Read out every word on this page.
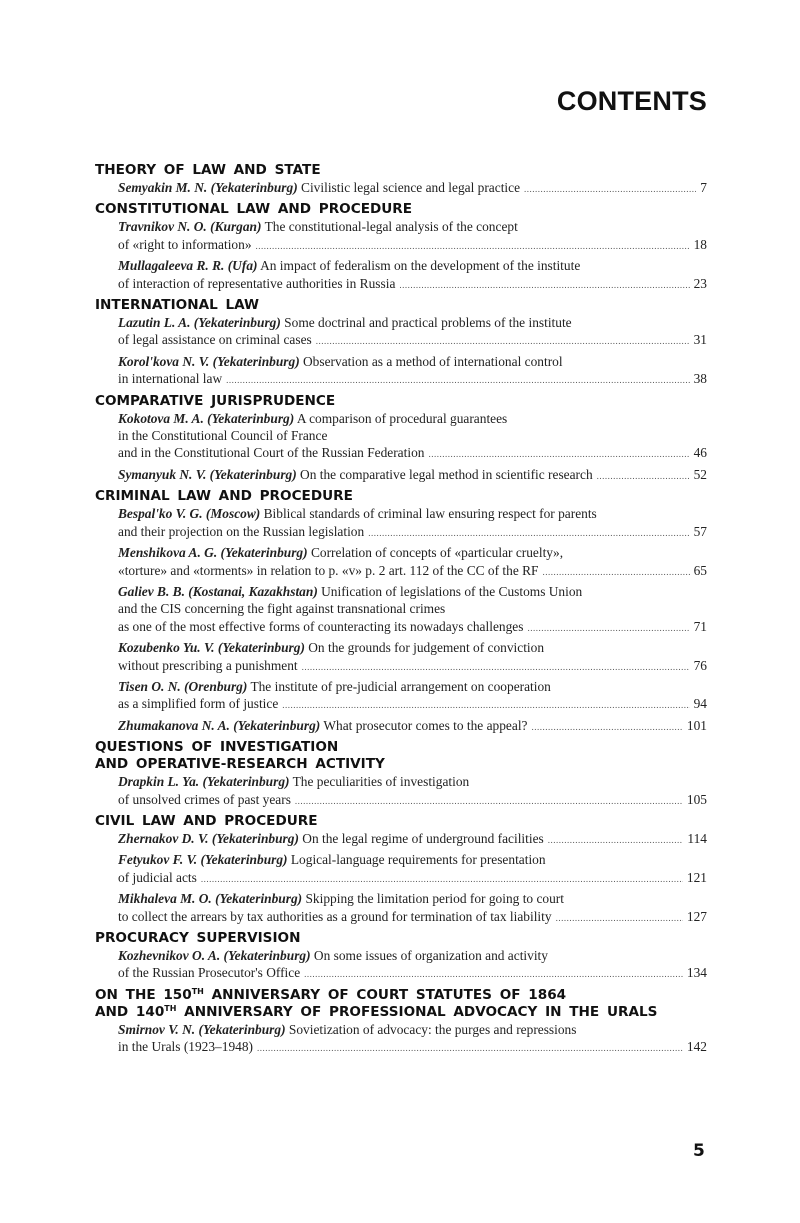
CONTENTS
THEORY OF LAW AND STATE
Semyakin M. N. (Yekaterinburg) Civilistic legal science and legal practice .....	7
CONSTITUTIONAL LAW AND PROCEDURE
Travnikov N. O. (Kurgan) The constitutional-legal analysis of the concept
of «right to information» .....	18
Mullagaleeva R. R. (Ufa) An impact of federalism on the development of the institute
of interaction of representative authorities in Russia .....	23
INTERNATIONAL LAW
Lazutin L. A. (Yekaterinburg) Some doctrinal and practical problems of the institute
of legal assistance on criminal cases .....	31
Korol'kova N. V. (Yekaterinburg) Observation as a method of international control
in international law .....	38
COMPARATIVE JURISPRUDENCE
Kokotova M. A. (Yekaterinburg) A comparison of procedural guarantees
in the Constitutional Council of France
and in the Constitutional Court of the Russian Federation .....	46
Symanyuk N. V. (Yekaterinburg) On the comparative legal method in scientific research .....	52
CRIMINAL LAW AND PROCEDURE
Bespal'ko V. G. (Moscow) Biblical standards of criminal law ensuring respect for parents
and their projection on the Russian legislation .....	57
Menshikova A. G. (Yekaterinburg) Correlation of concepts of «particular cruelty»,
«torture» and «torments» in relation to p. «v» p. 2 art. 112 of the CC of the RF .....	65
Galiev B. B. (Kostanai, Kazakhstan) Unification of legislations of the Customs Union
and the CIS concerning the fight against transnational crimes
as one of the most effective forms of counteracting its nowadays challenges .....	71
Kozubenko Yu. V. (Yekaterinburg) On the grounds for judgement of conviction
without prescribing a punishment .....	76
Tisen O. N. (Orenburg) The institute of pre-judicial arrangement on cooperation
as a simplified form of justice .....	94
Zhumakanova N. A. (Yekaterinburg) What prosecutor comes to the appeal? .....	101
QUESTIONS OF INVESTIGATION
AND OPERATIVE-RESEARCH ACTIVITY
Drapkin L. Ya. (Yekaterinburg) The peculiarities of investigation
of unsolved crimes of past years .....	105
CIVIL LAW AND PROCEDURE
Zhernakov D. V. (Yekaterinburg) On the legal regime of underground facilities .....	114
Fetyukov F. V. (Yekaterinburg) Logical-language requirements for presentation
of judicial acts .....	121
Mikhaleva M. O. (Yekaterinburg) Skipping the limitation period for going to court
to collect the arrears by tax authorities as a ground for termination of tax liability .....	127
PROCURACY SUPERVISION
Kozhevnikov O. A. (Yekaterinburg) On some issues of organization and activity
of the Russian Prosecutor's Office .....	134
ON THE 150TH ANNIVERSARY OF COURT STATUTES OF 1864
AND 140TH ANNIVERSARY OF PROFESSIONAL ADVOCACY IN THE URALS
Smirnov V. N. (Yekaterinburg) Sovietization of advocacy: the purges and repressions
in the Urals (1923–1948) .....	142
5
